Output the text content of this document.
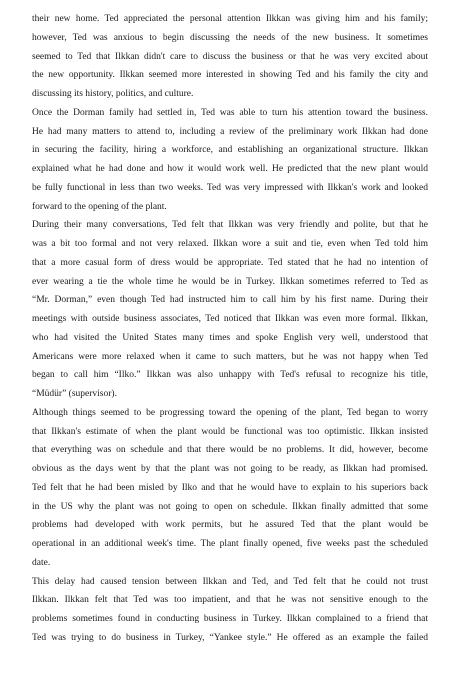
their new home. Ted appreciated the personal attention Ilkkan was giving him and his family;
however, Ted was anxious to begin discussing the needs of the new business. It sometimes
seemed to Ted that Ilkkan didn't care to discuss the business or that he was very excited about
the new opportunity. Ilkkan seemed more interested in showing Ted and his family the city and
discussing its history, politics, and culture.
Once the Dorman family had settled in, Ted was able to turn his attention toward the business.
He had many matters to attend to, including a review of the preliminary work Ilkkan had done
in securing the facility, hiring a workforce, and establishing an organizational structure. Ilkkan
explained what he had done and how it would work well. He predicted that the new plant would
be fully functional in less than two weeks. Ted was very impressed with Ilkkan's work and looked
forward to the opening of the plant.
During their many conversations, Ted felt that Ilkkan was very friendly and polite, but that he
was a bit too formal and not very relaxed. Ilkkan wore a suit and tie, even when Ted told him
that a more casual form of dress would be appropriate. Ted stated that he had no intention of
ever wearing a tie the whole time he would be in Turkey. Ilkkan sometimes referred to Ted as
“Mr. Dorman,” even though Ted had instructed him to call him by his first name. During their
meetings with outside business associates, Ted noticed that Ilkkan was even more formal. Ilkkan,
who had visited the United States many times and spoke English very well, understood that
Americans were more relaxed when it came to such matters, but he was not happy when Ted
began to call him “Ilko.” Ilkkan was also unhappy with Ted's refusal to recognize his title,
“Müdür” (supervisor).
Although things seemed to be progressing toward the opening of the plant, Ted began to worry
that Ilkkan's estimate of when the plant would be functional was too optimistic. Ilkkan insisted
that everything was on schedule and that there would be no problems. It did, however, become
obvious as the days went by that the plant was not going to be ready, as Ilkkan had promised.
Ted felt that he had been misled by Ilko and that he would have to explain to his superiors back
in the US why the plant was not going to open on schedule. Ilkkan finally admitted that some
problems had developed with work permits, but he assured Ted that the plant would be
operational in an additional week's time. The plant finally opened, five weeks past the scheduled
date.
This delay had caused tension between Ilkkan and Ted, and Ted felt that he could not trust
Ilkkan. Ilkkan felt that Ted was too impatient, and that he was not sensitive enough to the
problems sometimes found in conducting business in Turkey. Ilkkan complained to a friend that
Ted was trying to do business in Turkey, “Yankee style.” He offered as an example the failed
